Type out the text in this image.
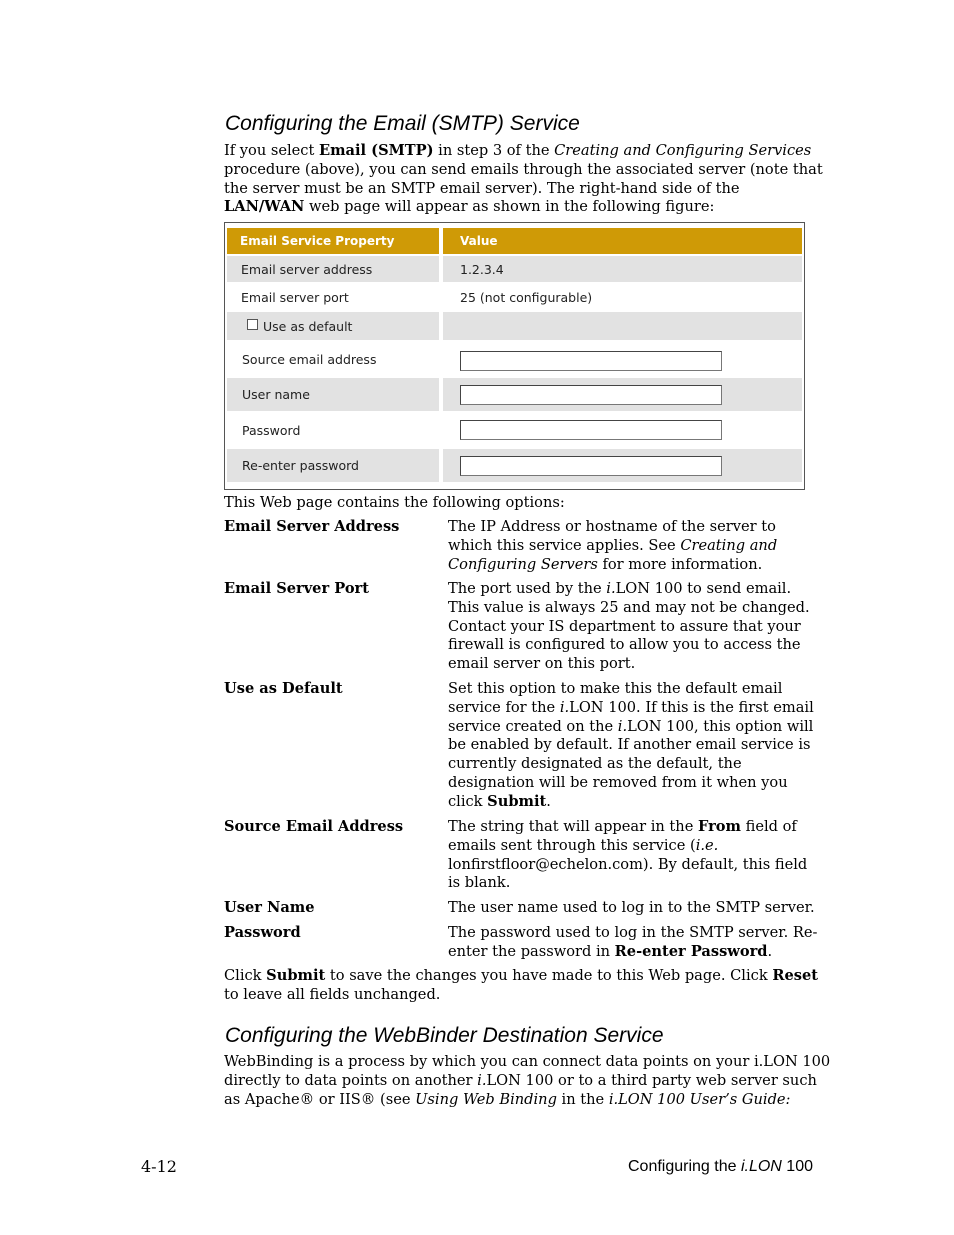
Configuring the Email (SMTP) Service
If you select Email (SMTP) in step 3 of the Creating and Configuring Services
procedure (above), you can send emails through the associated server (note that
the server must be an SMTP email server). The right-hand side of the
LAN/WAN web page will appear as shown in the following figure:
Email Service Property	Value
Email server address	1.2.3.4
Email server port	25 (not configurable)
Use as default
Source email address
User name
Password
Re-enter password
This Web page contains the following options:
Email Server Address	The IP Address or hostname of the server to
which this service applies. See Creating and
Configuring Servers for more information.
Email Server Port	The port used by the i.LON 100 to send email.
This value is always 25 and may not be changed.
Contact your IS department to assure that your
firewall is configured to allow you to access the
email server on this port.
Use as Default	Set this option to make this the default email
service for the i.LON 100. If this is the first email
service created on the i.LON 100, this option will
be enabled by default. If another email service is
currently designated as the default, the
designation will be removed from it when you
click Submit.
Source Email Address	The string that will appear in the From field of
emails sent through this service (i.e.
lonfirstfloor@echelon.com). By default, this field
is blank.
User Name	The user name used to log in to the SMTP server.
Password	The password used to log in the SMTP server. Re-
enter the password in Re-enter Password.
Click Submit to save the changes you have made to this Web page. Click Reset
to leave all fields unchanged.
Configuring the WebBinder Destination Service
WebBinding is a process by which you can connect data points on your i.LON 100
directly to data points on another i.LON 100 or to a third party web server such
as Apache® or IIS® (see Using Web Binding in the i.LON 100 User’s Guide:
4-12	Configuring the i.LON 100
